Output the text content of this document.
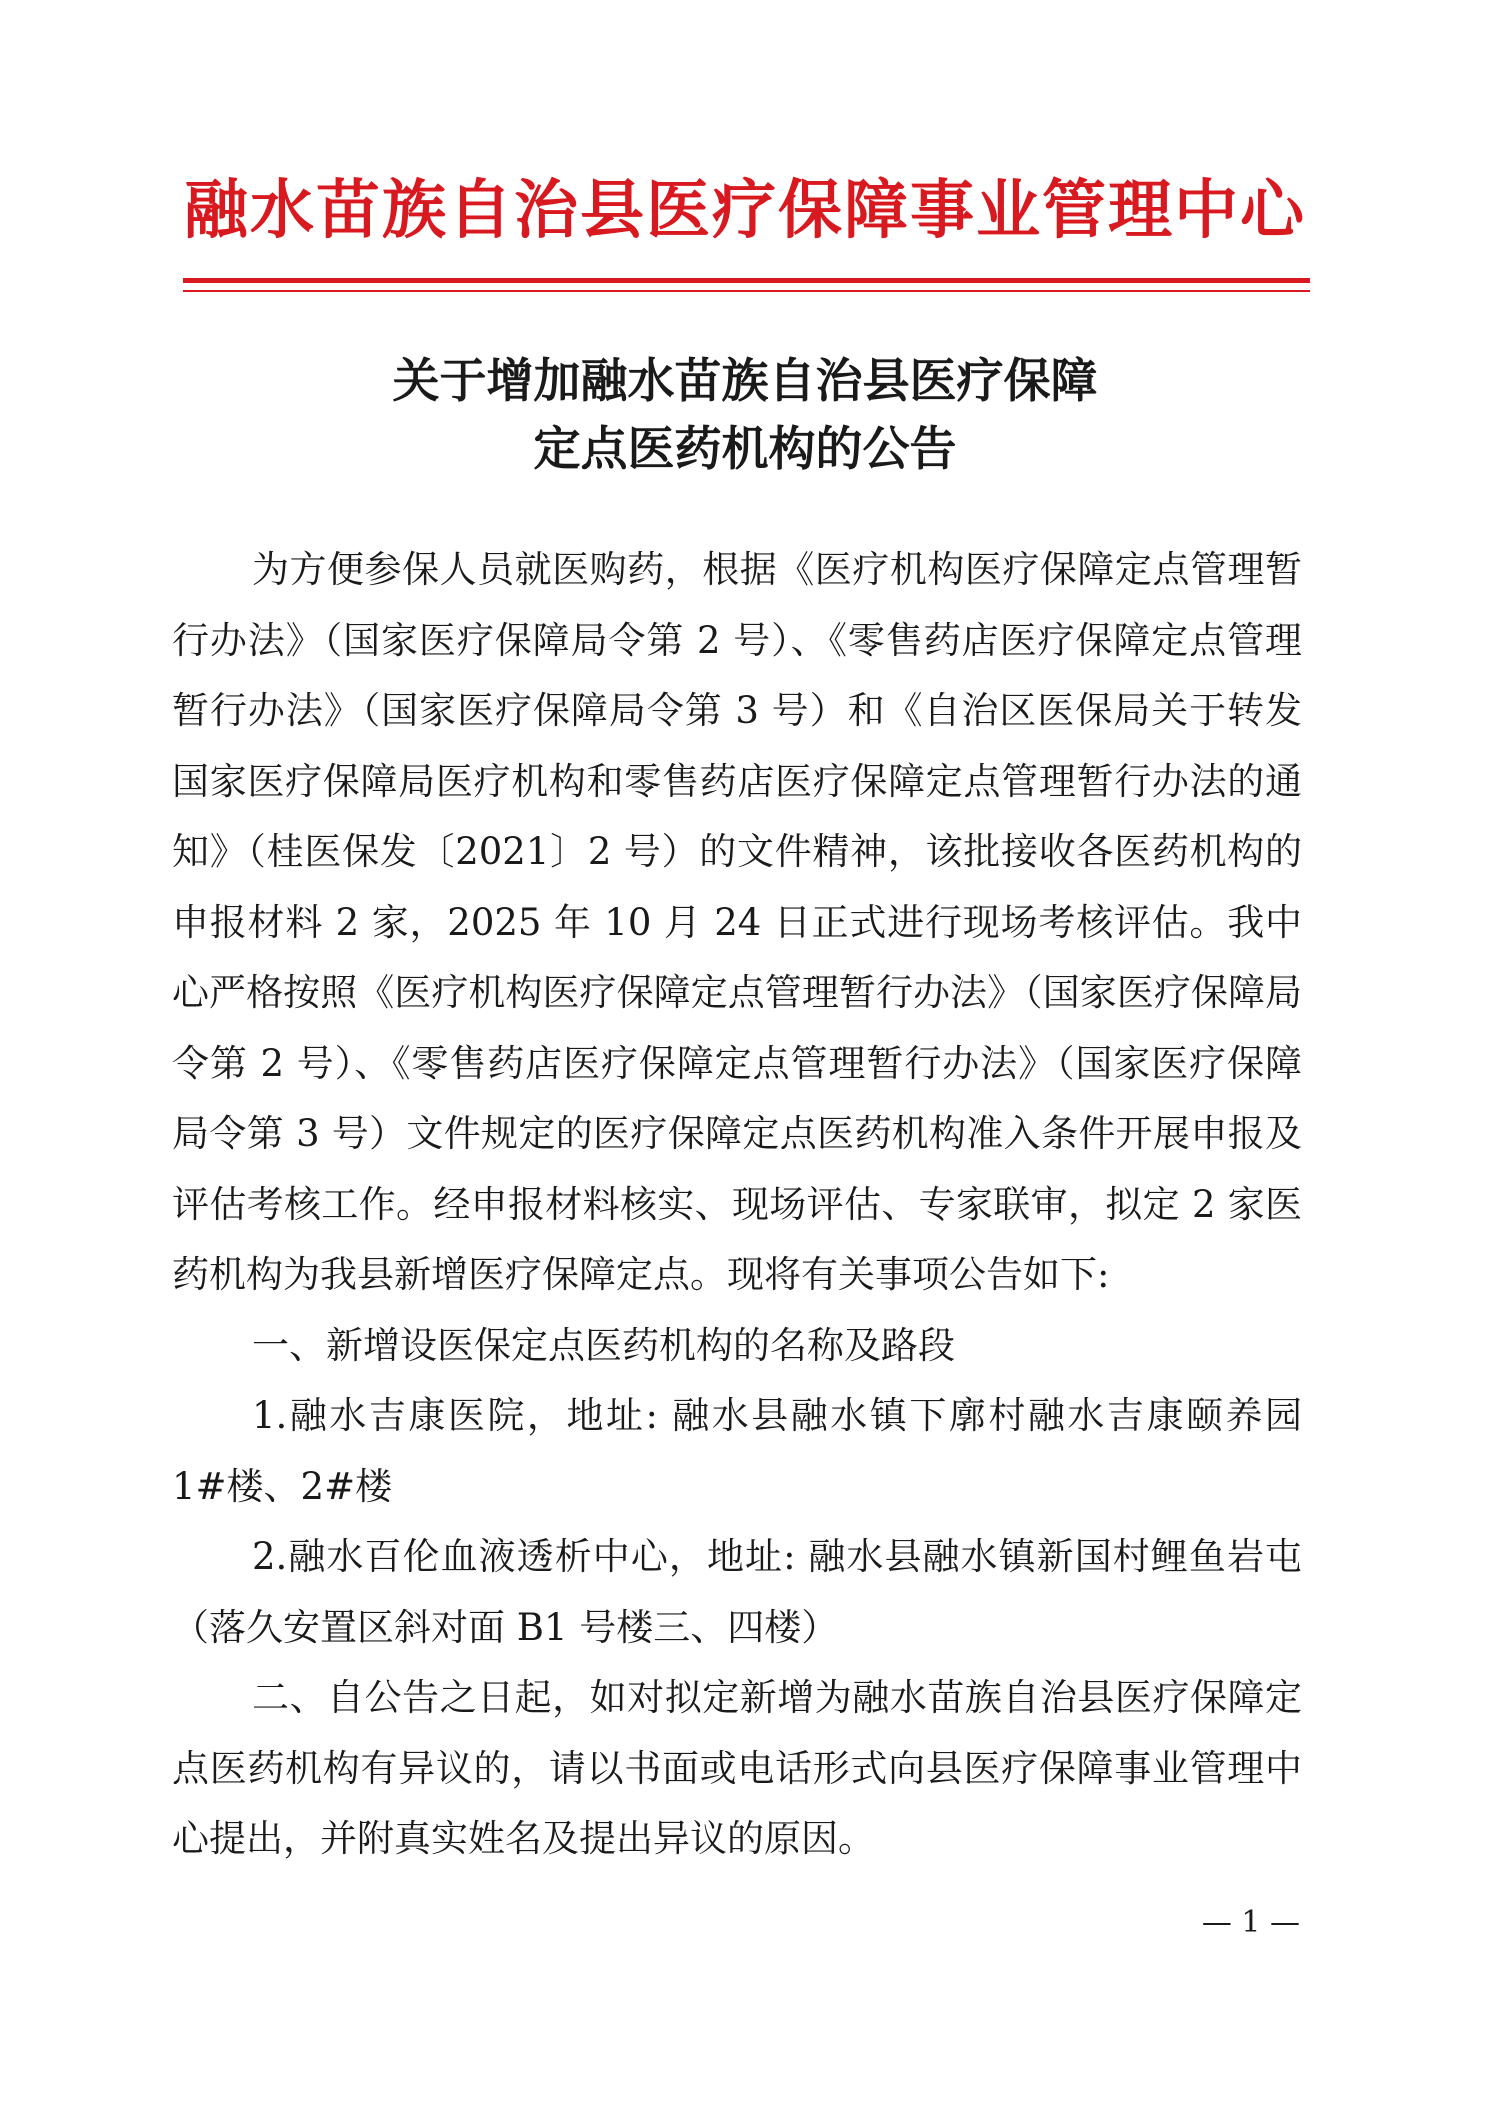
融水苗族自治县医疗保障事业管理中心
关于增加融水苗族自治县医疗保障
定点医药机构的公告

为方便参保人员就医购药，根据《医疗机构医疗保障定点管理暂行办法》（国家医疗保障局令第 2 号）、《零售药店医疗保障定点管理暂行办法》（国家医疗保障局令第 3 号）和《自治区医保局关于转发国家医疗保障局医疗机构和零售药店医疗保障定点管理暂行办法的通知》（桂医保发〔2021〕2 号）的文件精神，该批接收各医药机构的申报材料 2 家，2025 年 10 月 24 日正式进行现场考核评估。我中心严格按照《医疗机构医疗保障定点管理暂行办法》（国家医疗保障局令第 2 号）、《零售药店医疗保障定点管理暂行办法》（国家医疗保障局令第 3 号）文件规定的医疗保障定点医药机构准入条件开展申报及评估考核工作。经申报材料核实、现场评估、专家联审，拟定 2 家医药机构为我县新增医疗保障定点。现将有关事项公告如下:

一、新增设医保定点医药机构的名称及路段

1.融水吉康医院，地址: 融水县融水镇下廓村融水吉康颐养园 1#楼、2#楼

2.融水百伦血液透析中心，地址: 融水县融水镇新国村鲤鱼岩屯（落久安置区斜对面 B1 号楼三、四楼）

二、自公告之日起，如对拟定新增为融水苗族自治县医疗保障定点医药机构有异议的，请以书面或电话形式向县医疗保障事业管理中心提出，并附真实姓名及提出异议的原因。

— 1 —
